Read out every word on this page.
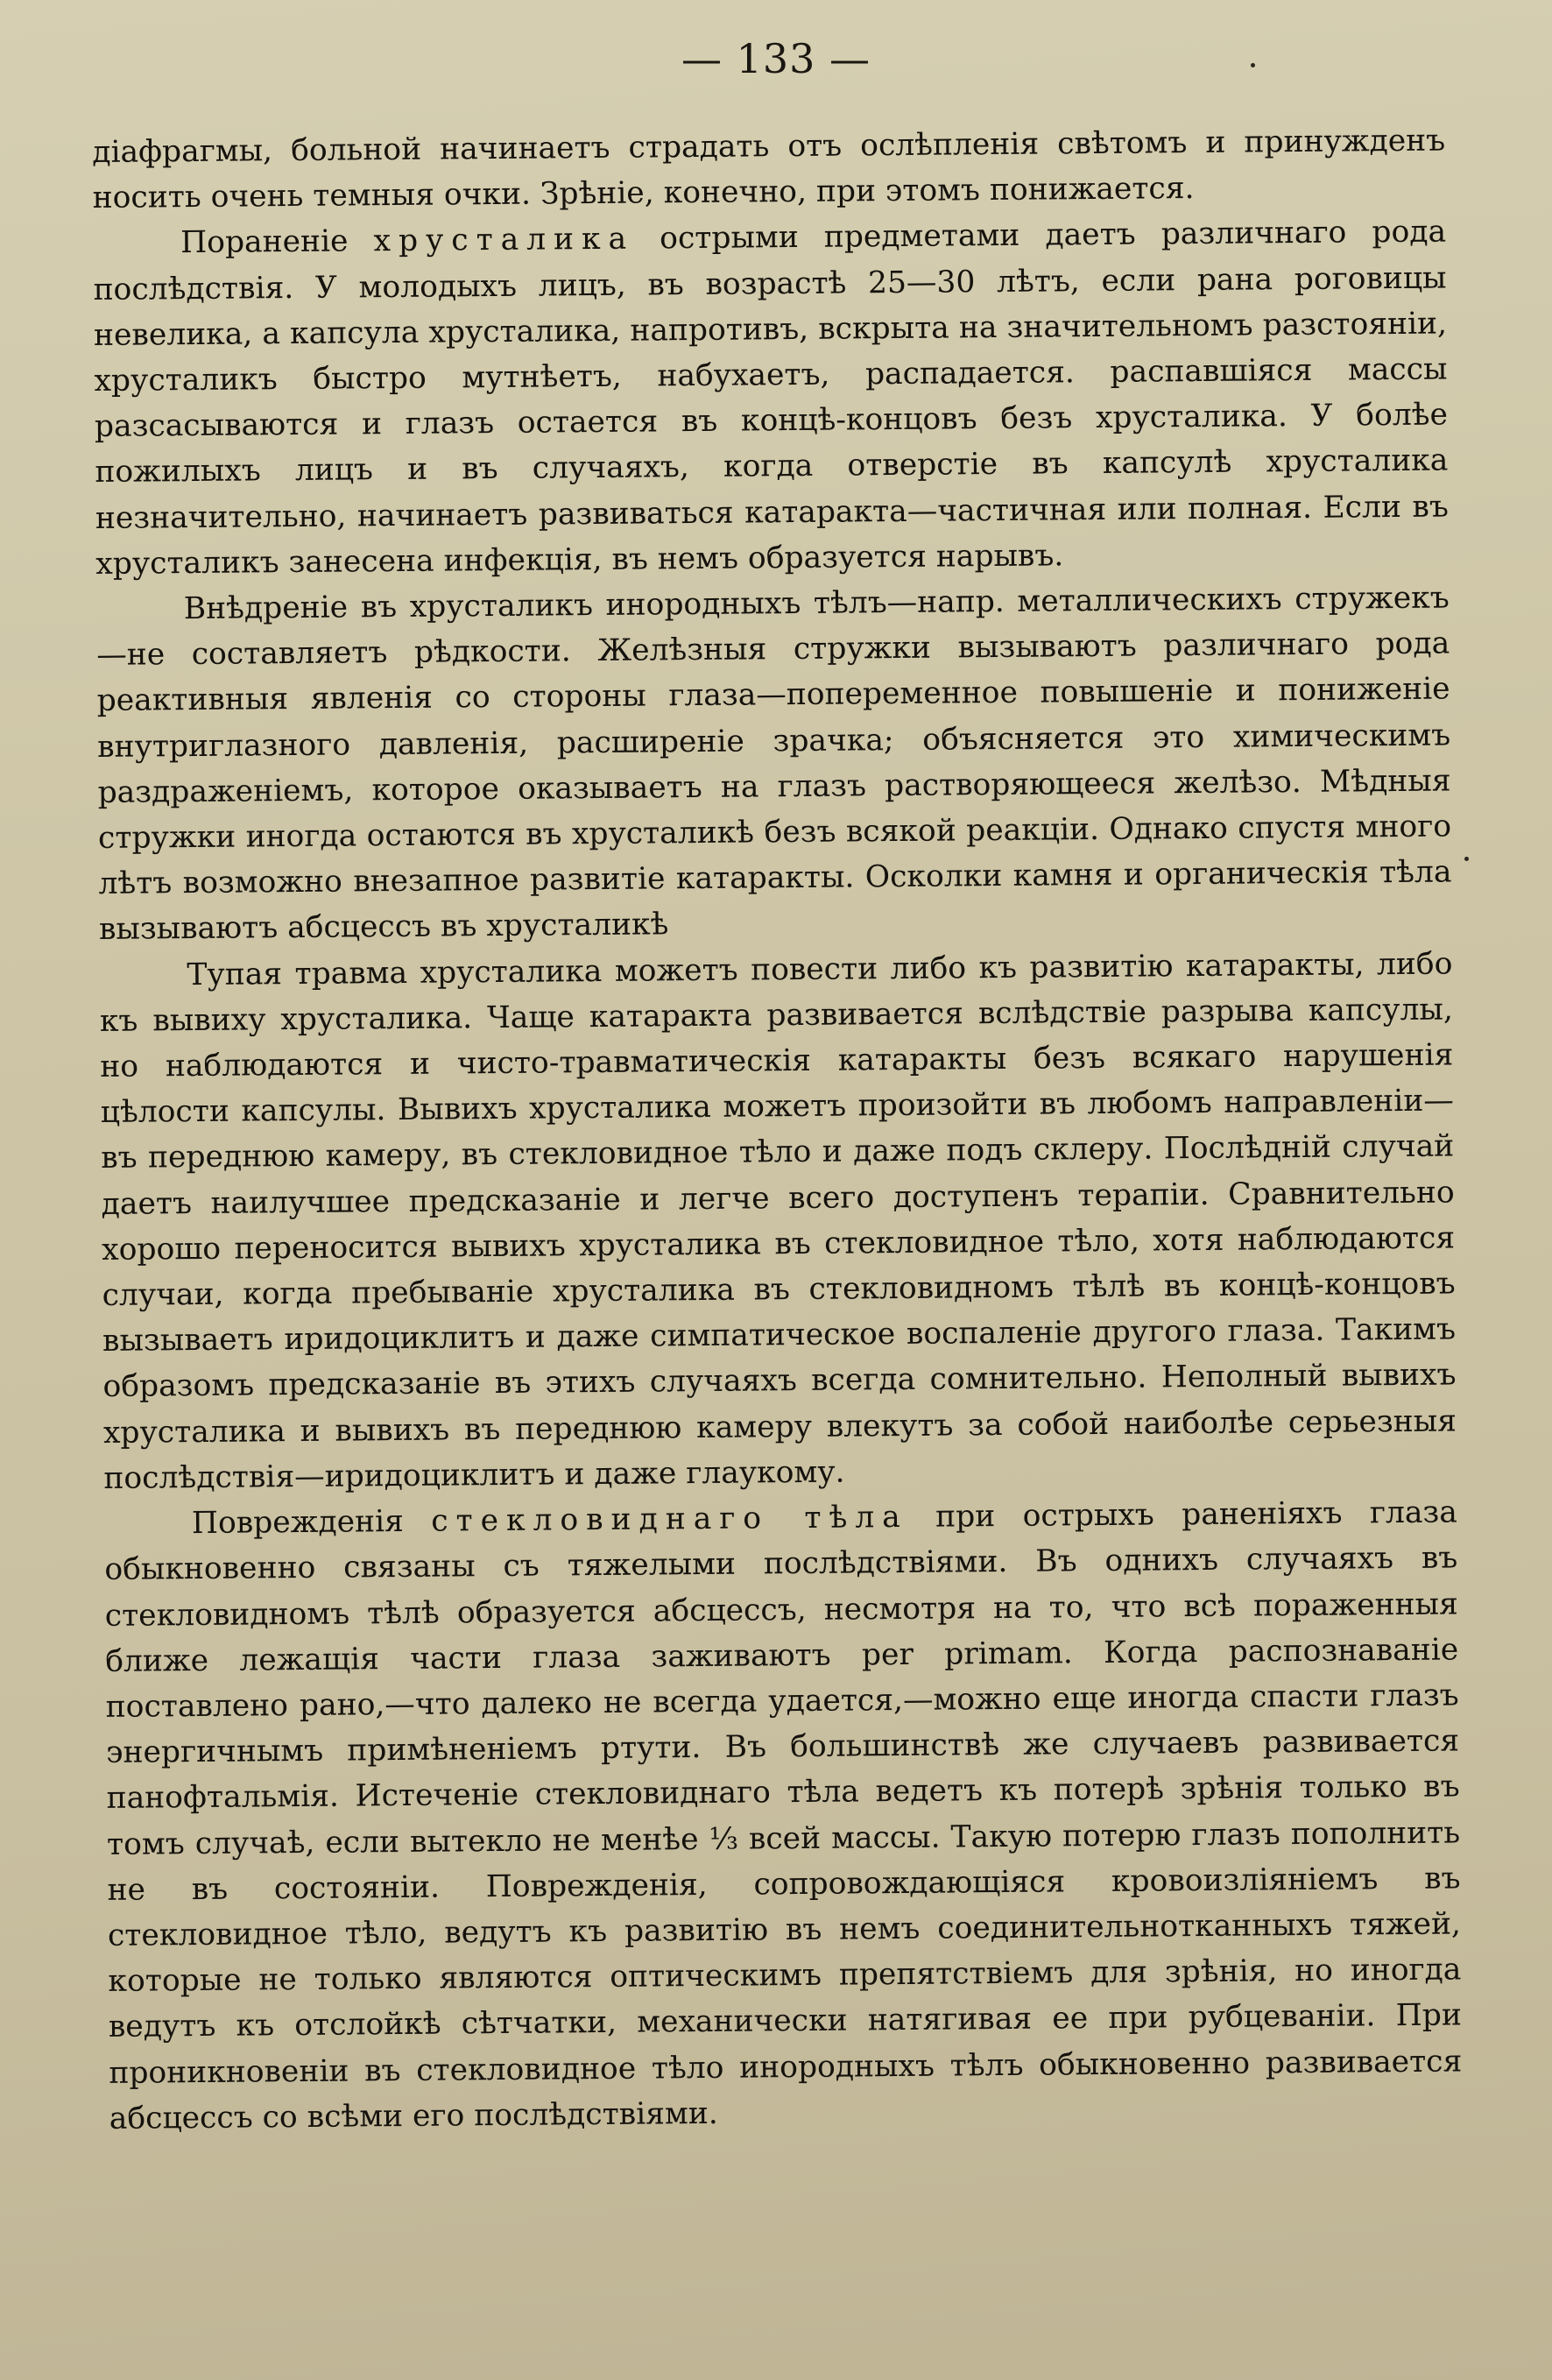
— 133 —

діафрагмы, больной начинаетъ страдать отъ ослѣпленія свѣтомъ и принужденъ носить очень темныя очки. Зрѣніе, конечно, при этомъ понижается.

Пораненіе хрусталика острыми предметами даетъ различнаго рода послѣдствія. У молодыхъ лицъ, въ возрастѣ 25—30 лѣтъ, если рана роговицы невелика, а капсула хрусталика, напротивъ, вскрыта на значительномъ разстояніи, хрусталикъ быстро мутнѣетъ, набухаетъ, распадается. распавшіяся массы разсасываются и глазъ остается въ концѣ-концовъ безъ хрусталика. У болѣе пожилыхъ лицъ и въ случаяхъ, когда отверстіе въ капсулѣ хрусталика незначительно, начинаетъ развиваться катаракта—частичная или полная. Если въ хрусталикъ занесена инфекція, въ немъ образуется нарывъ.

Внѣдреніе въ хрусталикъ инородныхъ тѣлъ—напр. металлическихъ стружекъ—не составляетъ рѣдкости. Желѣзныя стружки вызываютъ различнаго рода реактивныя явленія со стороны глаза—попеременное повышеніе и пониженіе внутриглазного давленія, расширеніе зрачка; объясняется это химическимъ раздраженіемъ, которое оказываетъ на глазъ растворяющееся желѣзо. Мѣдныя стружки иногда остаются въ хрусталикѣ безъ всякой реакціи. Однако спустя много лѣтъ возможно внезапное развитіе катаракты. Осколки камня и органическія тѣла вызываютъ абсцессъ въ хрусталикѣ

Тупая травма хрусталика можетъ повести либо къ развитію катаракты, либо къ вывиху хрусталика. Чаще катаракта развивается вслѣдствіе разрыва капсулы, но наблюдаются и чисто-травматическія катаракты безъ всякаго нарушенія цѣлости капсулы. Вывихъ хрусталика можетъ произойти въ любомъ направленіи—въ переднюю камеру, въ стекловидное тѣло и даже подъ склеру. Послѣдній случай даетъ наилучшее предсказаніе и легче всего доступенъ терапіи. Сравнительно хорошо переносится вывихъ хрусталика въ стекловидное тѣло, хотя наблюдаются случаи, когда пребываніе хрусталика въ стекловидномъ тѣлѣ въ концѣ-концовъ вызываетъ иридоциклитъ и даже симпатическое воспаленіе другого глаза. Такимъ образомъ предсказаніе въ этихъ случаяхъ всегда сомнительно. Неполный вывихъ хрусталика и вывихъ въ переднюю камеру влекутъ за собой наиболѣе серьезныя послѣдствія—иридоциклитъ и даже глаукому.

Поврежденія стекловиднаго тѣла при острыхъ раненіяхъ глаза обыкновенно связаны съ тяжелыми послѣдствіями. Въ однихъ случаяхъ въ стекловидномъ тѣлѣ образуется абсцессъ, несмотря на то, что всѣ пораженныя ближе лежащія части глаза заживаютъ per primam. Когда распознаваніе поставлено рано,—что далеко не всегда удается,—можно еще иногда спасти глазъ энергичнымъ примѣненіемъ ртути. Въ большинствѣ же случаевъ развивается панофтальмія. Истеченіе стекловиднаго тѣла ведетъ къ потерѣ зрѣнія только въ томъ случаѣ, если вытекло не менѣе ⅓ всей массы. Такую потерю глазъ пополнить не въ состояніи. Поврежденія, сопровождающіяся кровоизліяніемъ въ стекловидное тѣло, ведутъ къ развитію въ немъ соединительнотканныхъ тяжей, которые не только являются оптическимъ препятствіемъ для зрѣнія, но иногда ведутъ къ отслойкѣ сѣтчатки, механически натягивая ее при рубцеваніи. При проникновеніи въ стекловидное тѣло инородныхъ тѣлъ обыкновенно развивается абсцессъ со всѣми его послѣдствіями.
